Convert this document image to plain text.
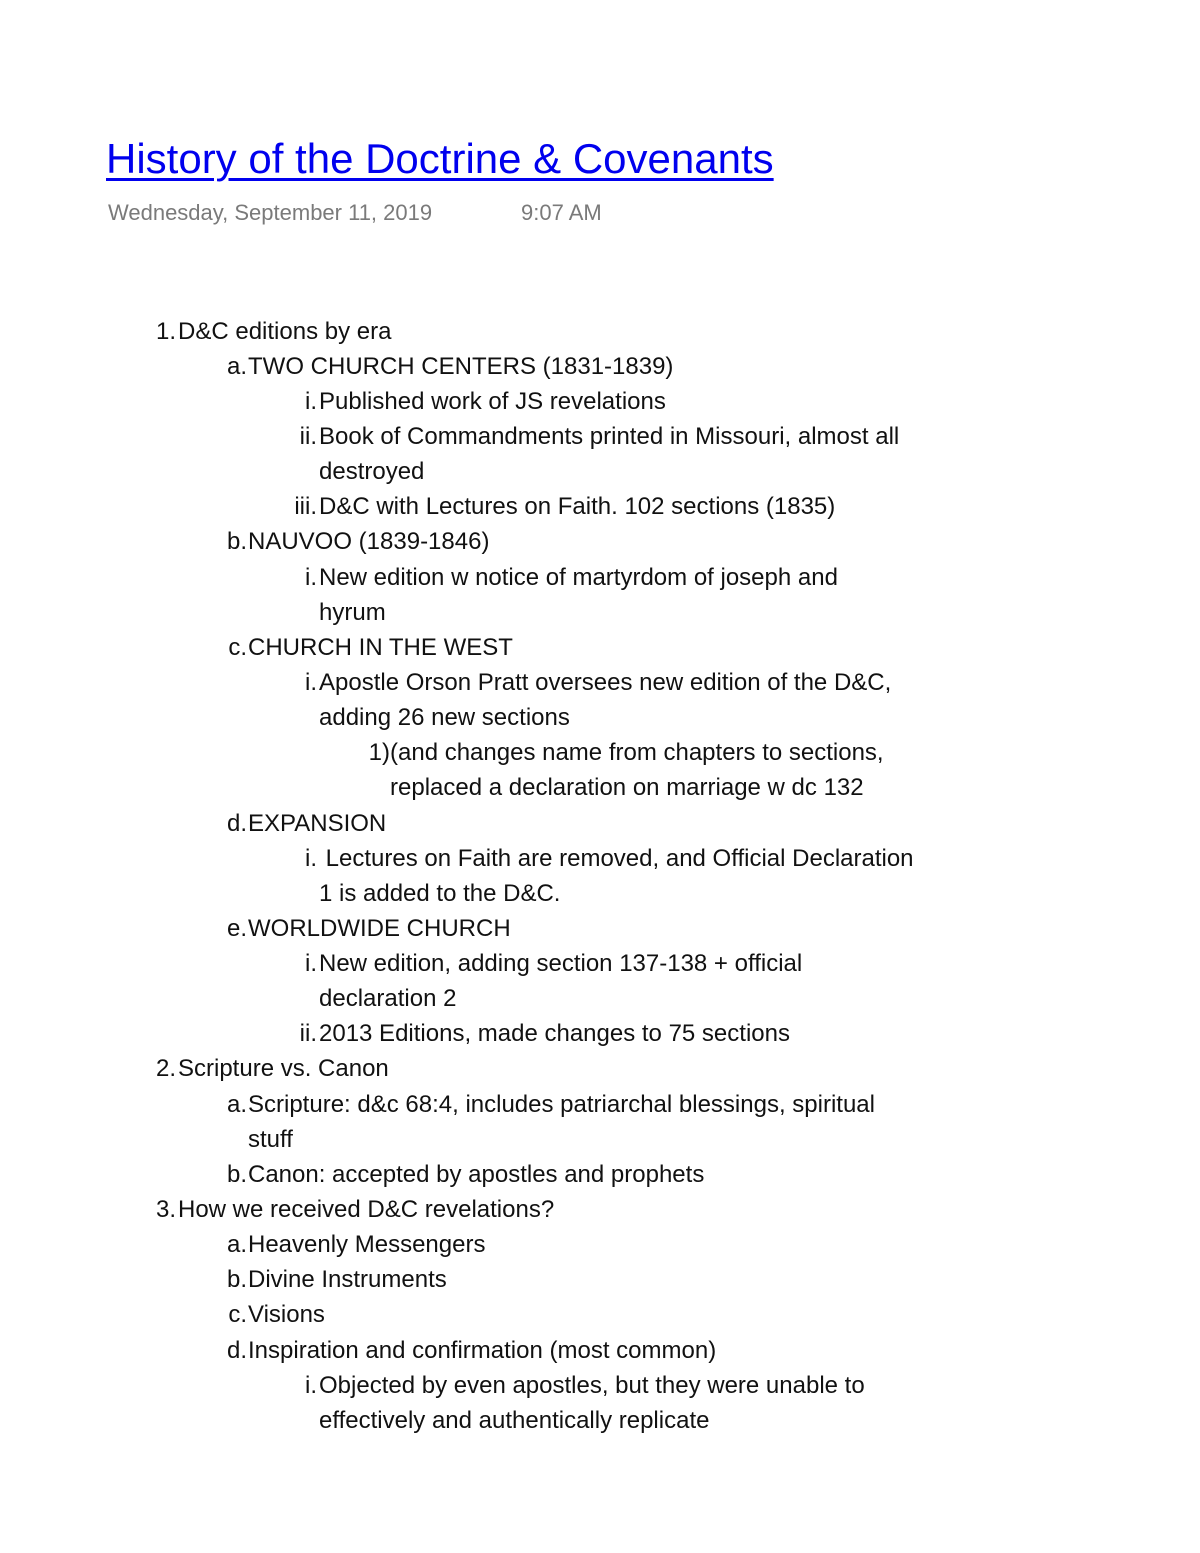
History of the Doctrine & Covenants
Wednesday, September 11, 2019	9:07 AM
1. D&C editions by era
a. TWO CHURCH CENTERS (1831-1839)
i. Published work of JS revelations
ii. Book of Commandments printed in Missouri, almost all
destroyed
iii. D&C with Lectures on Faith. 102 sections (1835)
b. NAUVOO (1839-1846)
i. New edition w notice of martyrdom of joseph and
hyrum
c. CHURCH IN THE WEST
i. Apostle Orson Pratt oversees new edition of the D&C,
adding 26 new sections
1) (and changes name from chapters to sections,
replaced a declaration on marriage w dc 132
d. EXPANSION
i. Lectures on Faith are removed, and Official Declaration
1 is added to the D&C.
e. WORLDWIDE CHURCH
i. New edition, adding section 137-138 + official
declaration 2
ii. 2013 Editions, made changes to 75 sections
2. Scripture vs. Canon
a. Scripture: d&c 68:4, includes patriarchal blessings, spiritual
stuff
b. Canon: accepted by apostles and prophets
3. How we received D&C revelations?
a. Heavenly Messengers
b. Divine Instruments
c. Visions
d. Inspiration and confirmation (most common)
i. Objected by even apostles, but they were unable to
effectively and authentically replicate
